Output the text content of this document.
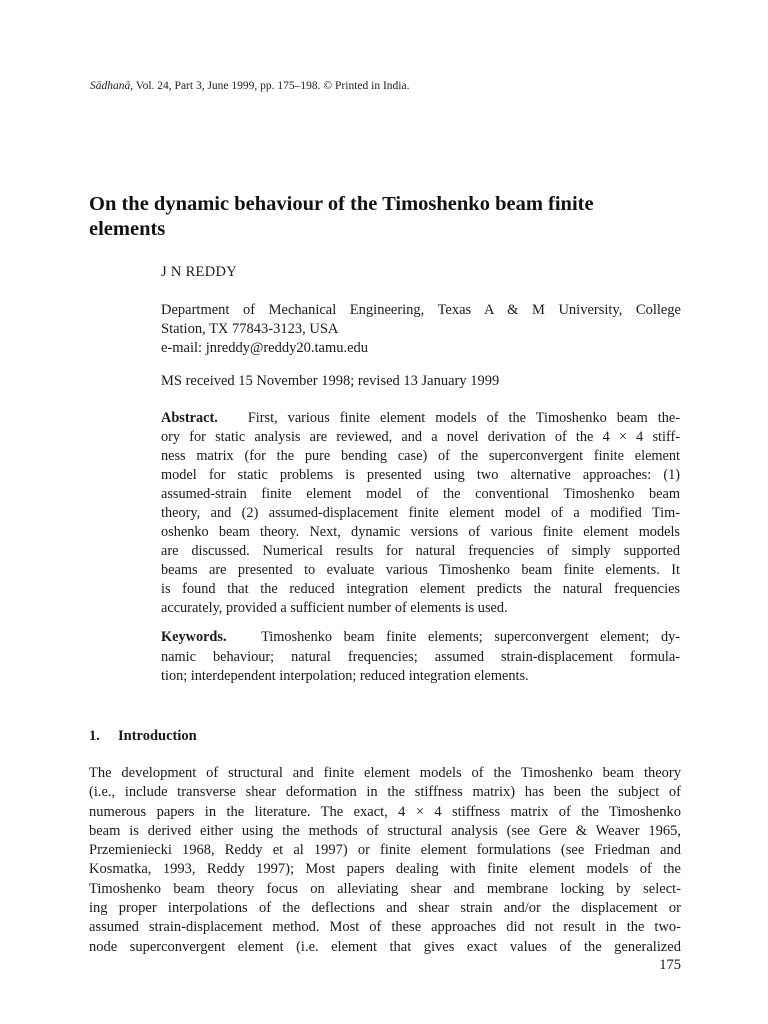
Sādhanā, Vol. 24, Part 3, June 1999, pp. 175–198. © Printed in India.
On the dynamic behaviour of the Timoshenko beam finite
elements
J N REDDY
Department of Mechanical Engineering, Texas A & M University, College
Station, TX 77843-3123, USA
e-mail: jnreddy@reddy20.tamu.edu
MS received 15 November 1998; revised 13 January 1999
Abstract. First, various finite element models of the Timoshenko beam the-
ory for static analysis are reviewed, and a novel derivation of the 4 × 4 stiff-
ness matrix (for the pure bending case) of the superconvergent finite element
model for static problems is presented using two alternative approaches: (1)
assumed-strain finite element model of the conventional Timoshenko beam
theory, and (2) assumed-displacement finite element model of a modified Tim-
oshenko beam theory. Next, dynamic versions of various finite element models
are discussed. Numerical results for natural frequencies of simply supported
beams are presented to evaluate various Timoshenko beam finite elements. It
is found that the reduced integration element predicts the natural frequencies
accurately, provided a sufficient number of elements is used.
Keywords. Timoshenko beam finite elements; superconvergent element; dy-
namic behaviour; natural frequencies; assumed strain-displacement formula-
tion; interdependent interpolation; reduced integration elements.
1. Introduction
The development of structural and finite element models of the Timoshenko beam theory
(i.e., include transverse shear deformation in the stiffness matrix) has been the subject of
numerous papers in the literature. The exact, 4 × 4 stiffness matrix of the Timoshenko
beam is derived either using the methods of structural analysis (see Gere & Weaver 1965,
Przemieniecki 1968, Reddy et al 1997) or finite element formulations (see Friedman and
Kosmatka, 1993, Reddy 1997); Most papers dealing with finite element models of the
Timoshenko beam theory focus on alleviating shear and membrane locking by select-
ing proper interpolations of the deflections and shear strain and/or the displacement or
assumed strain-displacement method. Most of these approaches did not result in the two-
node superconvergent element (i.e. element that gives exact values of the generalized
175
